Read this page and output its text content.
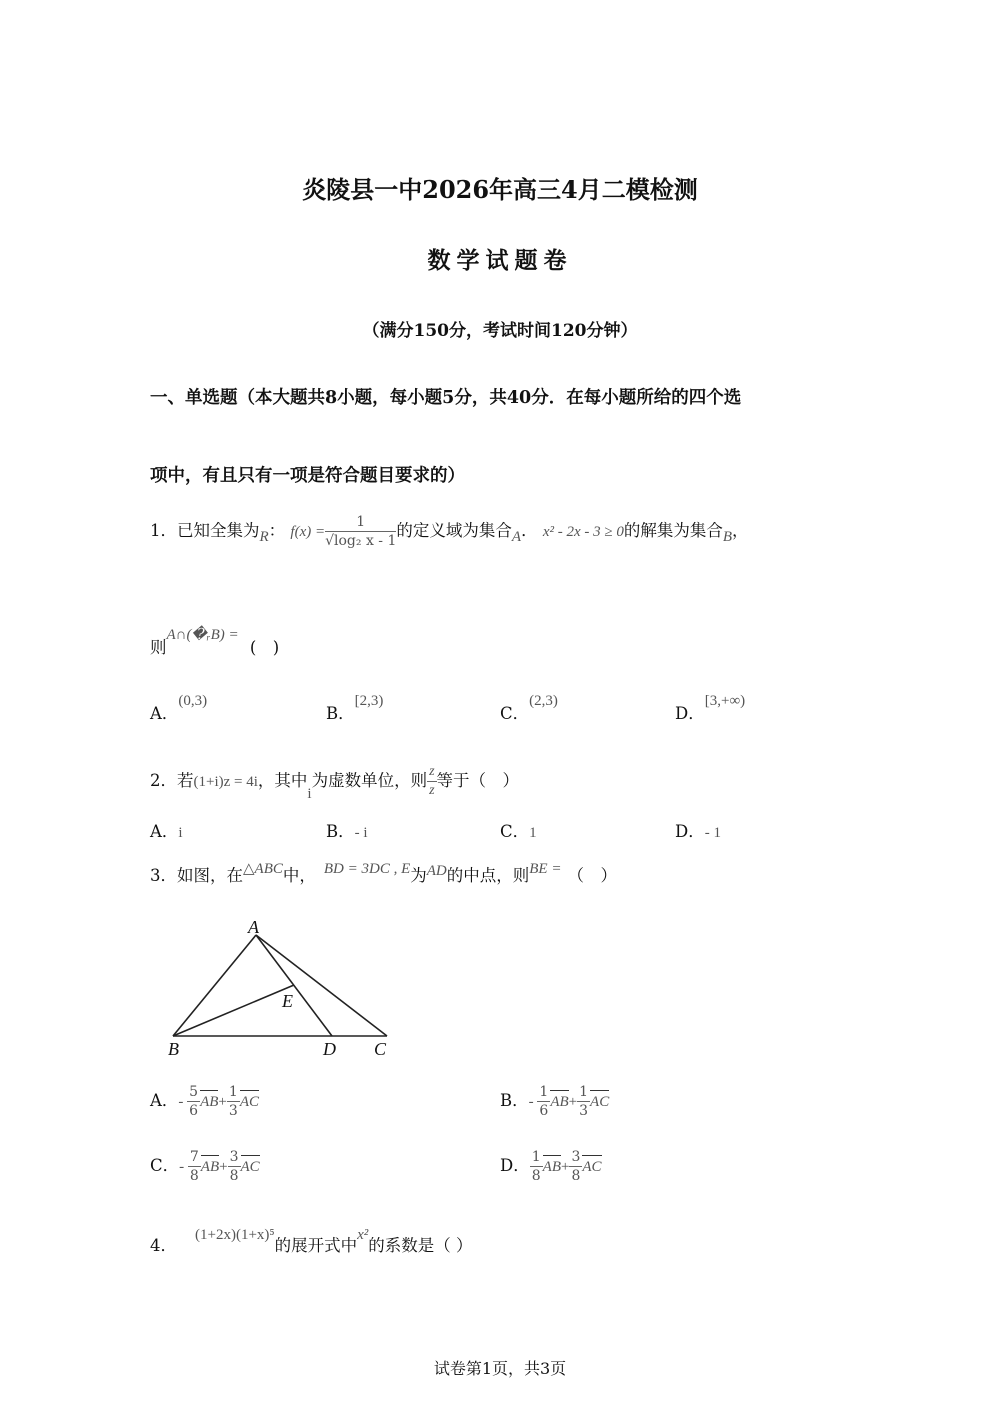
炎陵县一中2026年高三4月二模检测
数学试题卷
（满分150分，考试时间120分钟）
一、单选题（本大题共8小题，每小题5分，共40分．在每小题所给的四个选
项中，有且只有一项是符合题目要求的）
1．已知全集为R： $f(x) = \frac{1}{\text{√log₂ x - 1}}$ 的定义域为集合A． x² - 2x - 3 ≥ 0的解集为集合B，
则A∩(�ᵣB) = (　)
A．(0,3)
B．[2,3)
C．(2,3)
D．[3,+∞)
2．若(1+i)z = 4i，其中i为虚数单位，则 $\frac{z}{z}$ 等于（　）
A．i	B．- i	C．1	D．- 1
3．如图，在△ABC中， BD = 3DC , E为AD的中点，则BE = （　）
A
B	D C
E
A．- $\frac{5}{6} AB+ \frac{1}{3}$ AC	B．- $\frac{1}{6} AB+ \frac{1}{3}$ AC
C．- $\frac{7}{8} AB+ \frac{3}{8}$ AC	D． $\frac{1}{8} AB+ \frac{3}{8}$ AC
4．(1+2x)(1+x)⁵的展开式中x²的系数是（ ）
试卷第1页，共3页
